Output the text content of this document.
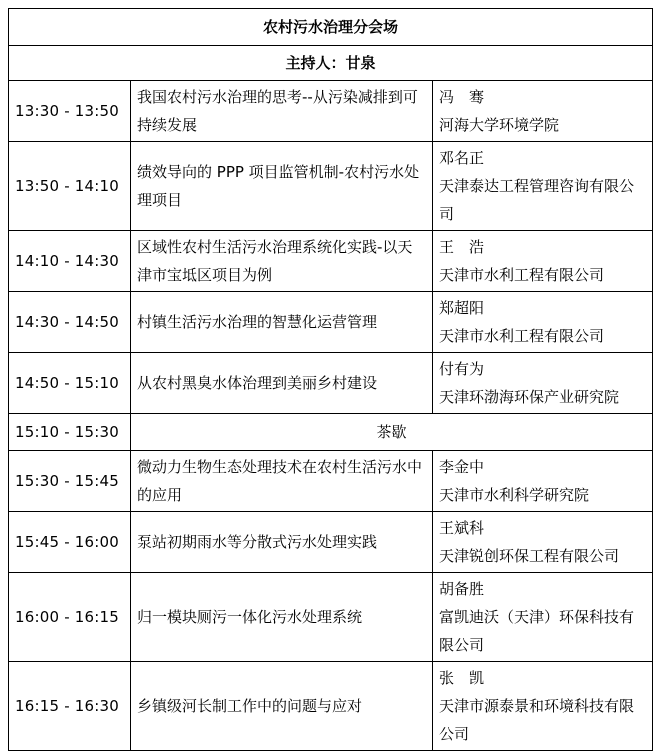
农村污水治理分会场		
主持人：甘泉		
13:30 - 13:50	我国农村污水治理的思考--从污染减排到可持续发展	冯　骞
河海大学环境学院

13:50 - 14:10	绩效导向的 PPP 项目监管机制-农村污水处理项目	邓名正
天津泰达工程管理咨询有限公司

14:10 - 14:30	区域性农村生活污水治理系统化实践-以天津市宝坻区项目为例	王　浩
天津市水利工程有限公司

14:30 - 14:50	村镇生活污水治理的智慧化运营管理	郑超阳
天津市水利工程有限公司

14:50 - 15:10	从农村黑臭水体治理到美丽乡村建设	付有为
天津环渤海环保产业研究院

15:10 - 15:30	茶歇	
15:30 - 15:45	微动力生物生态处理技术在农村生活污水中的应用	李金中
天津市水利科学研究院

15:45 - 16:00	泵站初期雨水等分散式污水处理实践	王斌科
天津锐创环保工程有限公司

16:00 - 16:15	归一模块厕污一体化污水处理系统	胡备胜
富凯迪沃（天津）环保科技有限公司

16:15 - 16:30	乡镇级河长制工作中的问题与应对	张　凯
天津市源泰景和环境科技有限公司
